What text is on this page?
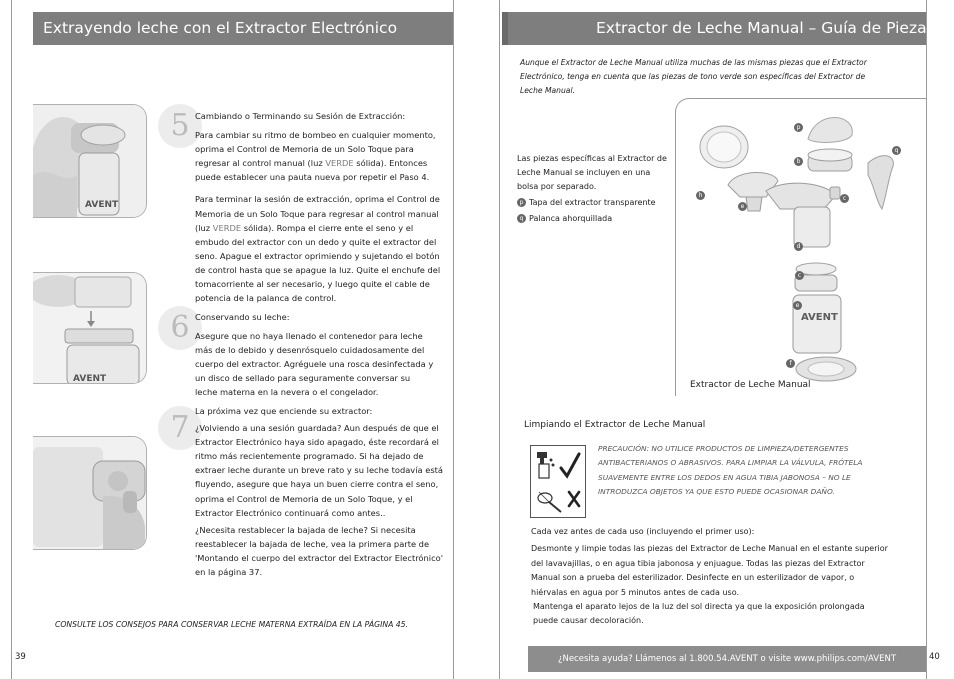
Extrayendo leche con el Extractor Electrónico
AVENT
AVENT
5 Cambiando o Terminando su Sesión de Extracción:

Para cambiar su ritmo de bombeo en cualquier momento, oprima el Control de Memoria de un Solo Toque para regresar al control manual (luz VERDE sólida). Entonces puede establecer una pauta nueva por repetir el Paso 4.

Para terminar la sesión de extracción, oprima el Control de Memoria de un Solo Toque para regresar al control manual (luz VERDE sólida). Rompa el cierre ente el seno y el embudo del extractor con un dedo y quite el extractor del seno. Apague el extractor oprimiendo y sujetando el botón de control hasta que se apague la luz. Quite el enchufe del tomacorriente al ser necesario, y luego quite el cable de potencia de la palanca de control.

6 Conservando su leche:

Asegure que no haya llenado el contenedor para leche más de lo debido y desenrósquelo cuidadosamente del cuerpo del extractor. Agréguele una rosca desinfectada y un disco de sellado para seguramente conversar su leche materna en la nevera o el congelador.

7 La próxima vez que enciende su extractor:

¿Volviendo a una sesión guardada? Aun después de que el Extractor Electrónico haya sido apagado, éste recordará el ritmo más recientemente programado. Si ha dejado de extraer leche durante un breve rato y su leche todavía está fluyendo, asegure que haya un buen cierre contra el seno, oprima el Control de Memoria de un Solo Toque, y el Extractor Electrónico continuará como antes..

¿Necesita restablecer la bajada de leche? Si necesita reestablecer la bajada de leche, vea la primera parte de 'Montando el cuerpo del extractor del Extractor Electrónico' en la página 37.

CONSULTE LOS CONSEJOS PARA CONSERVAR LECHE MATERNA EXTRAÍDA EN LA PÁGINA 45.
39
Extractor de Leche Manual – Guía de Piezas
Aunque el Extractor de Leche Manual utiliza muchas de las mismas piezas que el Extractor Electrónico, tenga en cuenta que las piezas de tono verde son específicas del Extractor de Leche Manual.

Las piezas específicas al Extractor de Leche Manual se incluyen en una bolsa por separado.

p Tapa del extractor transparente

q Palanca ahorquillada

AVENT
p
q
b
h
e
c
d
c
e
f
Extractor de Leche Manual
Limpiando el Extractor de Leche Manual
PRECAUCIÓN: NO UTILICE PRODUCTOS DE LIMPIEZA/DETERGENTES ANTIBACTERIANOS O ABRASIVOS. PARA LIMPIAR LA VÁLVULA, FRÓTELA SUAVEMENTE ENTRE LOS DEDOS EN AGUA TIBIA JABONOSA – NO LE INTRODUZCA OBJETOS YA QUE ESTO PUEDE OCASIONAR DAÑO.

Cada vez antes de cada uso (incluyendo el primer uso):

Desmonte y limpie todas las piezas del Extractor de Leche Manual en el estante superior del lavavajillas, o en agua tibia jabonosa y enjuague. Todas las piezas del Extractor Manual son a prueba del esterilizador. Desinfecte en un esterilizador de vapor, o hiérvalas en agua por 5 minutos antes de cada uso.

Mantenga el aparato lejos de la luz del sol directa ya que la exposición prolongada puede causar decoloración.

¿Necesita ayuda? Llámenos al 1.800.54.AVENT o visite www.philips.com/AVENT	40
